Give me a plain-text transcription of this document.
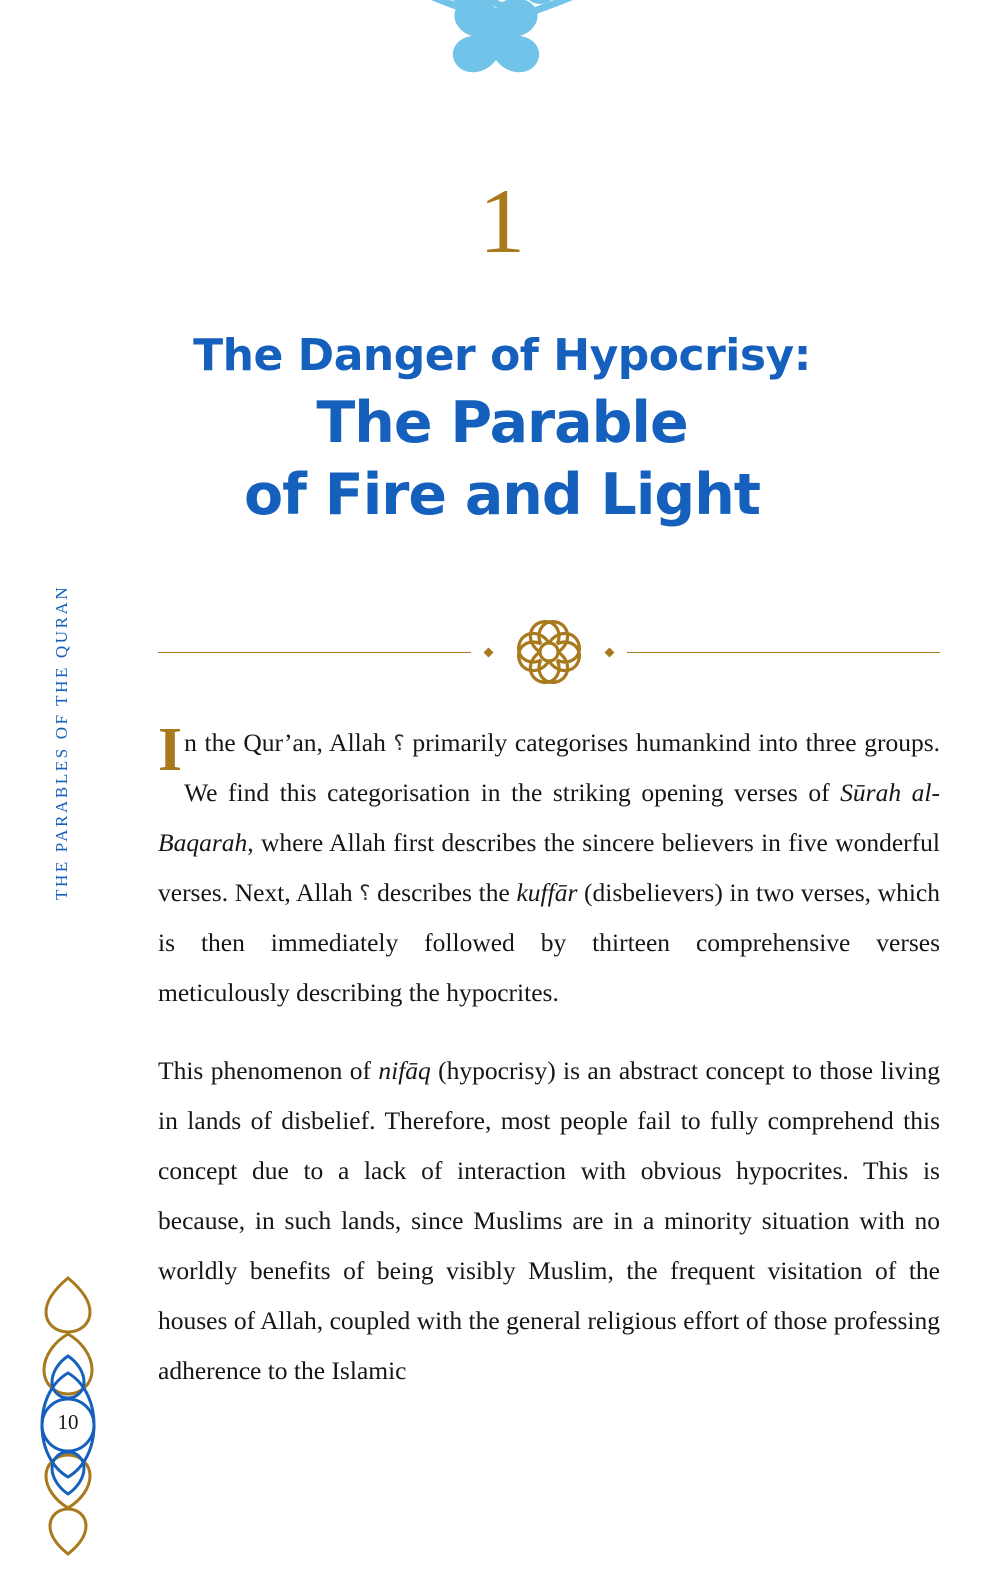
1
The Danger of Hypocrisy:
The Parable
of Fire and Light

In the Qur’an, Allah ⸮ primarily categorises humankind into three groups. We find this categorisation in the striking opening verses of Sūrah al-Baqarah, where Allah first describes the sincere believers in five wonderful verses. Next, Allah ⸮ describes the kuffār (disbelievers) in two verses, which is then immediately followed by thirteen comprehensive verses meticulously describing the hypocrites.

This phenomenon of nifāq (hypocrisy) is an abstract concept to those living in lands of disbelief. Therefore, most people fail to fully comprehend this concept due to a lack of interaction with obvious hypocrites. This is because, in such lands, since Muslims are in a minority situation with no worldly benefits of being visibly Muslim, the frequent visitation of the houses of Allah, coupled with the general religious effort of those professing adherence to the Islamic

THE PARABLES OF THE QURAN
10
